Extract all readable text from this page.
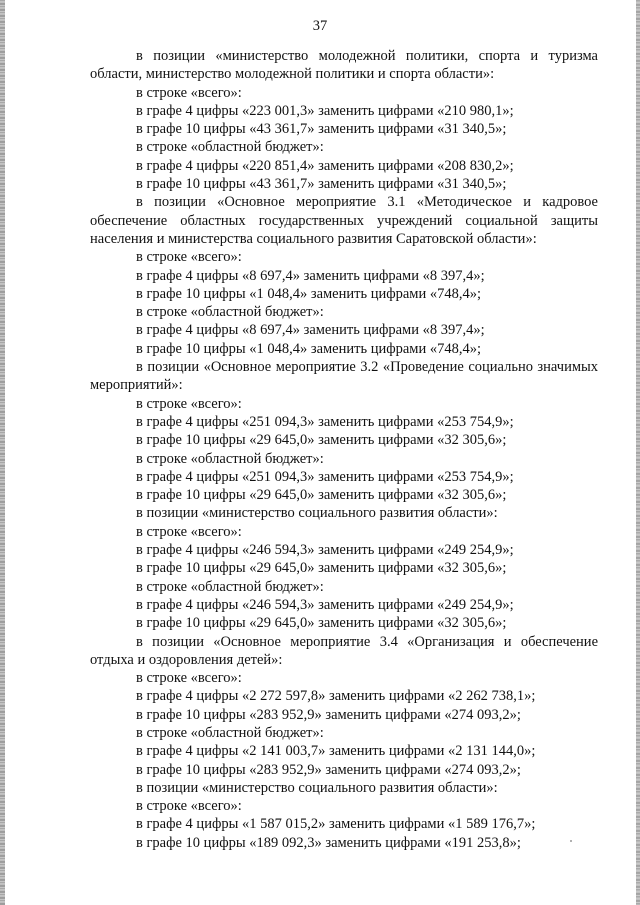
37

в позиции «министерство молодежной политики, спорта и туризма области, министерство молодежной политики и спорта области»:

в строке «всего»:

в графе 4 цифры «223 001,3» заменить цифрами «210 980,1»;

в графе 10 цифры «43 361,7» заменить цифрами «31 340,5»;

в строке «областной бюджет»:

в графе 4 цифры «220 851,4» заменить цифрами «208 830,2»;

в графе 10 цифры «43 361,7» заменить цифрами «31 340,5»;

в позиции «Основное мероприятие 3.1 «Методическое и кадровое обеспечение областных государственных учреждений социальной защиты населения и министерства социального развития Саратовской области»:

в строке «всего»:

в графе 4 цифры «8 697,4» заменить цифрами «8 397,4»;

в графе 10 цифры «1 048,4» заменить цифрами «748,4»;

в строке «областной бюджет»:

в графе 4 цифры «8 697,4» заменить цифрами «8 397,4»;

в графе 10 цифры «1 048,4» заменить цифрами «748,4»;

в позиции «Основное мероприятие 3.2 «Проведение социально значимых мероприятий»:

в строке «всего»:

в графе 4 цифры «251 094,3» заменить цифрами «253 754,9»;

в графе 10 цифры «29 645,0» заменить цифрами «32 305,6»;

в строке «областной бюджет»:

в графе 4 цифры «251 094,3» заменить цифрами «253 754,9»;

в графе 10 цифры «29 645,0» заменить цифрами «32 305,6»;

в позиции «министерство социального развития области»:

в строке «всего»:

в графе 4 цифры «246 594,3» заменить цифрами «249 254,9»;

в графе 10 цифры «29 645,0» заменить цифрами «32 305,6»;

в строке «областной бюджет»:

в графе 4 цифры «246 594,3» заменить цифрами «249 254,9»;

в графе 10 цифры «29 645,0» заменить цифрами «32 305,6»;

в позиции «Основное мероприятие 3.4 «Организация и обеспечение отдыха и оздоровления детей»:

в строке «всего»:

в графе 4 цифры «2 272 597,8» заменить цифрами «2 262 738,1»;

в графе 10 цифры «283 952,9» заменить цифрами «274 093,2»;

в строке «областной бюджет»:

в графе 4 цифры «2 141 003,7» заменить цифрами «2 131 144,0»;

в графе 10 цифры «283 952,9» заменить цифрами «274 093,2»;

в позиции «министерство социального развития области»:

в строке «всего»:

в графе 4 цифры «1 587 015,2» заменить цифрами «1 589 176,7»;

в графе 10 цифры «189 092,3» заменить цифрами «191 253,8»;
